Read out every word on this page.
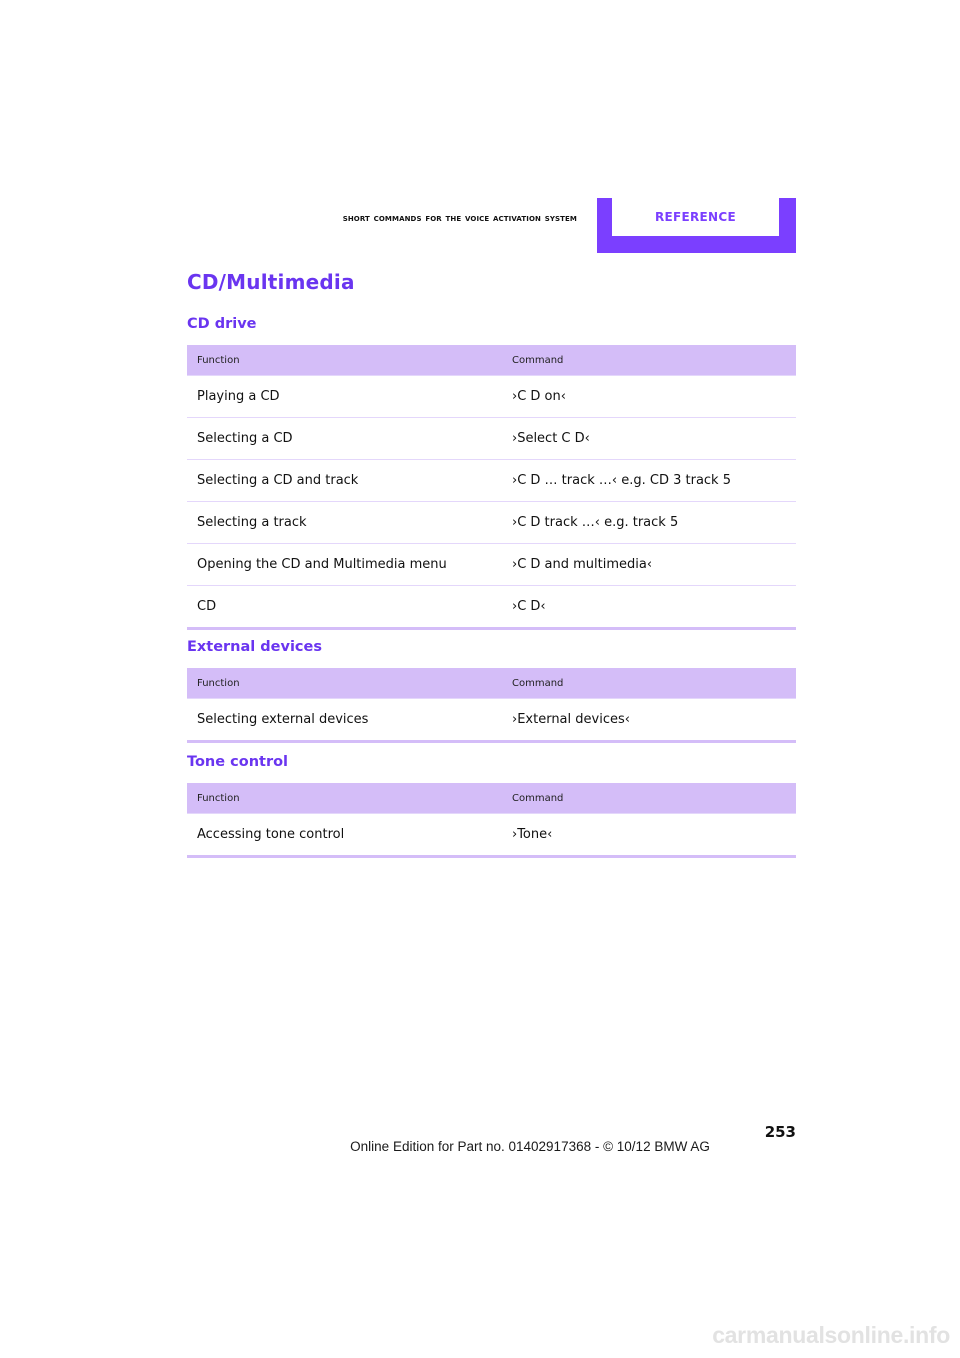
short commands for the voice activation system	REFERENCE
CD/Multimedia
CD drive
Function	Command
Playing a CD	›C D on‹
Selecting a CD	›Select C D‹
Selecting a CD and track	›C D … track …‹ e.g. CD 3 track 5
Selecting a track	›C D track …‹ e.g. track 5
Opening the CD and Multimedia menu	›C D and multimedia‹
CD	›C D‹
External devices
Function	Command
Selecting external devices	›External devices‹
Tone control
Function	Command
Accessing tone control	›Tone‹
253
Online Edition for Part no. 01402917368 - © 10/12 BMW AG
carmanualsonline.info
